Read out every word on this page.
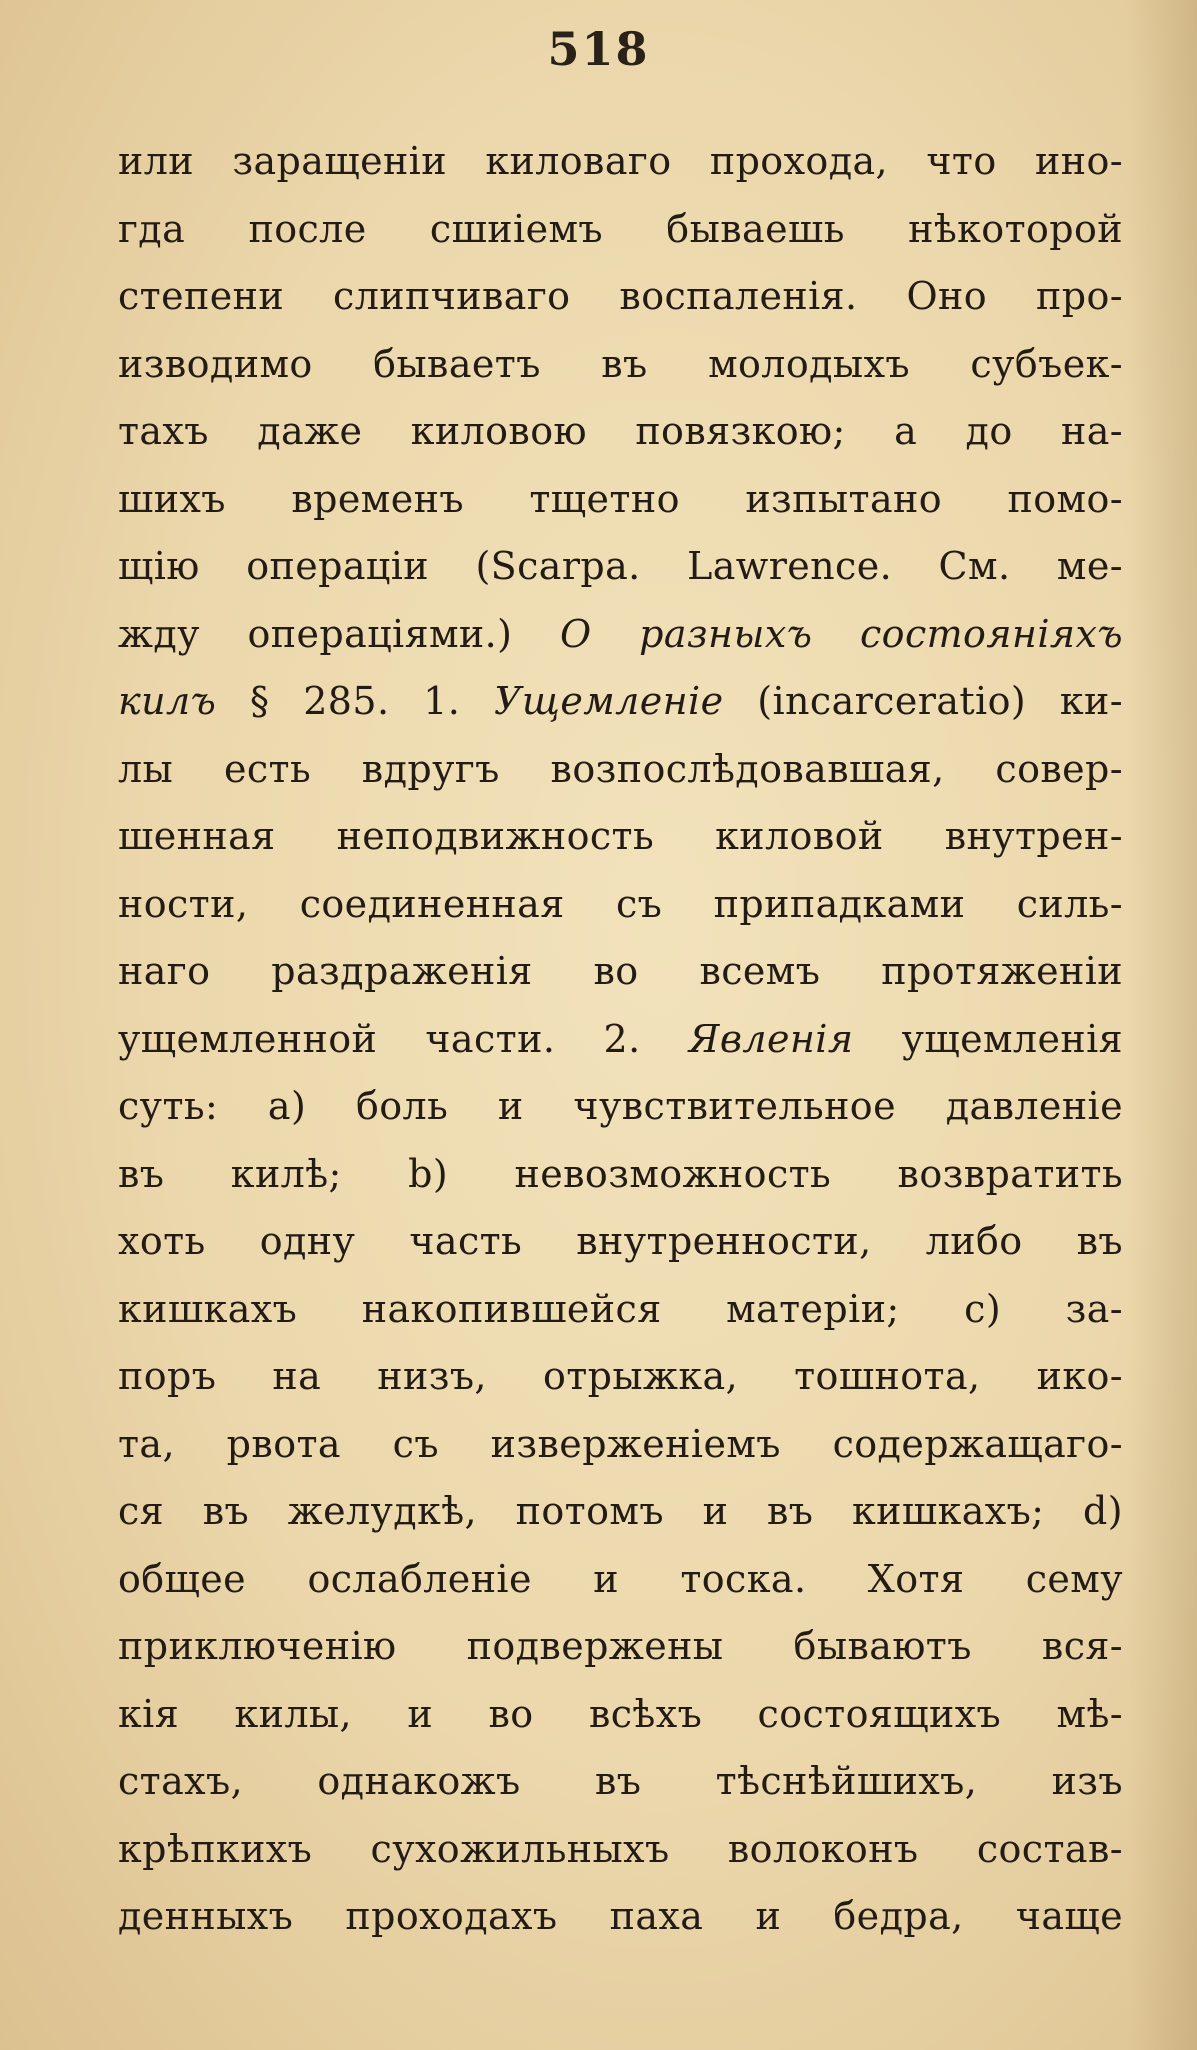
518
или заращеніи киловаго прохода, что ино-
гда после сшиіемъ бываешь нѣкоторой
степени слипчиваго воспаленія. Оно про-
изводимо бываетъ въ молодыхъ субъек-
тахъ даже киловою повязкою; а до на-
шихъ временъ тщетно изпытано помо-
щію операціи (Scarpa. Lawrence. См. ме-
жду операціями.) О разныхъ состояніяхъ
килъ § 285. 1. Ущемленіе (incarceratio) ки-
лы есть вдругъ возпослѣдовавшая, совер-
шенная неподвижность киловой внутрен-
ности, соединенная съ припадками силь-
наго раздраженія во всемъ протяженіи
ущемленной части. 2. Явленія ущемленія
суть: а) боль и чувствительное давленіе
въ килѣ; b) невозможность возвратить
хоть одну часть внутренности, либо въ
кишкахъ накопившейся матеріи; c) за-
поръ на низъ, отрыжка, тошнота, ико-
та, рвота съ изверженіемъ содержащаго-
ся въ желудкѣ, потомъ и въ кишкахъ; d)
общее ослабленіе и тоска. Хотя сему
приключенію подвержены бываютъ вся-
кія килы, и во всѣхъ состоящихъ мѣ-
стахъ, однакожъ въ тѣснѣйшихъ, изъ
крѣпкихъ сухожильныхъ волоконъ состав-
денныхъ проходахъ паха и бедра, чаще
